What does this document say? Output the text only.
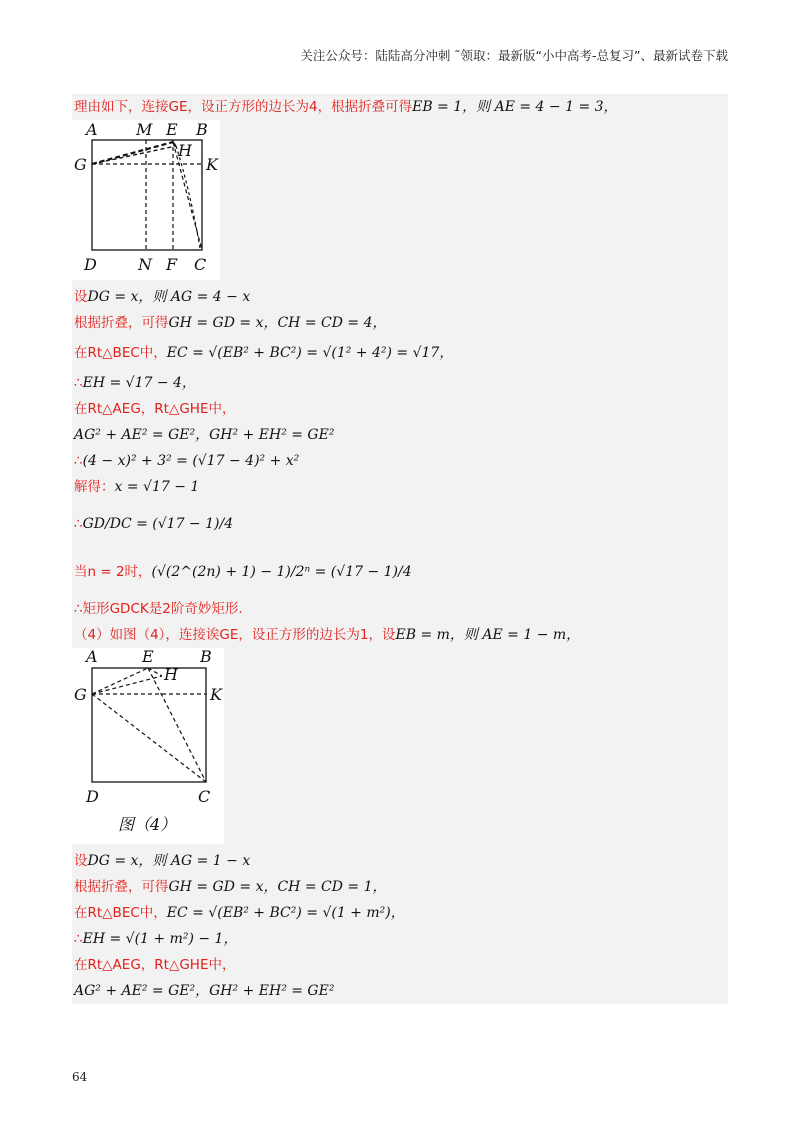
关注公众号：陆陆高分冲刺 ˜领取：最新版“小中高考-总复习”、最新试卷下载
理由如下，连接GE，设正方形的边长为4，根据折叠可得EB = 1，则 AE = 4 − 1 = 3，
A M E B
H
G	K
D	N F C
设DG = x，则 AG = 4 − x
根据折叠，可得GH = GD = x，CH = CD = 4，
在Rt△BEC中，EC = √(EB² + BC²) = √(1² + 4²) = √17，
∴EH = √17 − 4，
在Rt△AEG，Rt△GHE中，
AG² + AE² = GE²，GH² + EH² = GE²
∴(4 − x)² + 3² = (√17 − 4)² + x²
解得：x = √17 − 1
∴GD/DC = (√17 − 1)/4
当n = 2时，(√(2^(2n) + 1) − 1)/2ⁿ = (√17 − 1)/4
∴矩形GDCK是2阶奇妙矩形.
（4）如图（4），连接诶GE，设正方形的边长为1，设EB = m，则 AE = 1 − m，
A	E	B
H
G	K
D	C
图（4）
设DG = x，则 AG = 1 − x
根据折叠，可得GH = GD = x，CH = CD = 1，
在Rt△BEC中，EC = √(EB² + BC²) = √(1 + m²)，
∴EH = √(1 + m²) − 1，
在Rt△AEG，Rt△GHE中，
AG² + AE² = GE²，GH² + EH² = GE²
64
